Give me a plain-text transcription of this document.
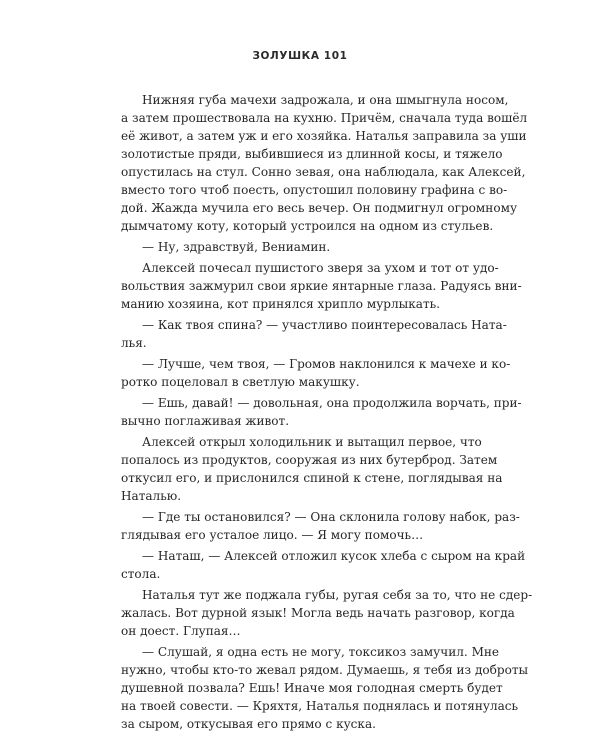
ЗОЛУШКА 101
Нижняя губа мачехи задрожала, и она шмыгнула носом,
а затем прошествовала на кухню. Причём, сначала туда вошёл
её живот, а затем уж и его хозяйка. Наталья заправила за уши
золотистые пряди, выбившиеся из длинной косы, и тяжело
опустилась на стул. Сонно зевая, она наблюдала, как Алексей,
вместо того чтоб поесть, опустошил половину графина с во-
дой. Жажда мучила его весь вечер. Он подмигнул огромному
дымчатому коту, который устроился на одном из стульев.
— Ну, здравствуй, Вениамин.
Алексей почесал пушистого зверя за ухом и тот от удо-
вольствия зажмурил свои яркие янтарные глаза. Радуясь вни-
манию хозяина, кот принялся хрипло мурлыкать.
— Как твоя спина? — участливо поинтересовалась Ната-
лья.
— Лучше, чем твоя, — Громов наклонился к мачехе и ко-
ротко поцеловал в светлую макушку.
— Ешь, давай! — довольная, она продолжила ворчать, при-
вычно поглаживая живот.
Алексей открыл холодильник и вытащил первое, что
попалось из продуктов, сооружая из них бутерброд. Затем
откусил его, и прислонился спиной к стене, поглядывая на
Наталью.
— Где ты остановился? — Она склонила голову набок, раз-
глядывая его усталое лицо. — Я могу помочь…
— Наташ, — Алексей отложил кусок хлеба с сыром на край
стола.
Наталья тут же поджала губы, ругая себя за то, что не сдер-
жалась. Вот дурной язык! Могла ведь начать разговор, когда
он доест. Глупая…
— Слушай, я одна есть не могу, токсикоз замучил. Мне
нужно, чтобы кто-то жевал рядом. Думаешь, я тебя из доброты
душевной позвала? Ешь! Иначе моя голодная смерть будет
на твоей совести. — Кряхтя, Наталья поднялась и потянулась
за сыром, откусывая его прямо с куска.
